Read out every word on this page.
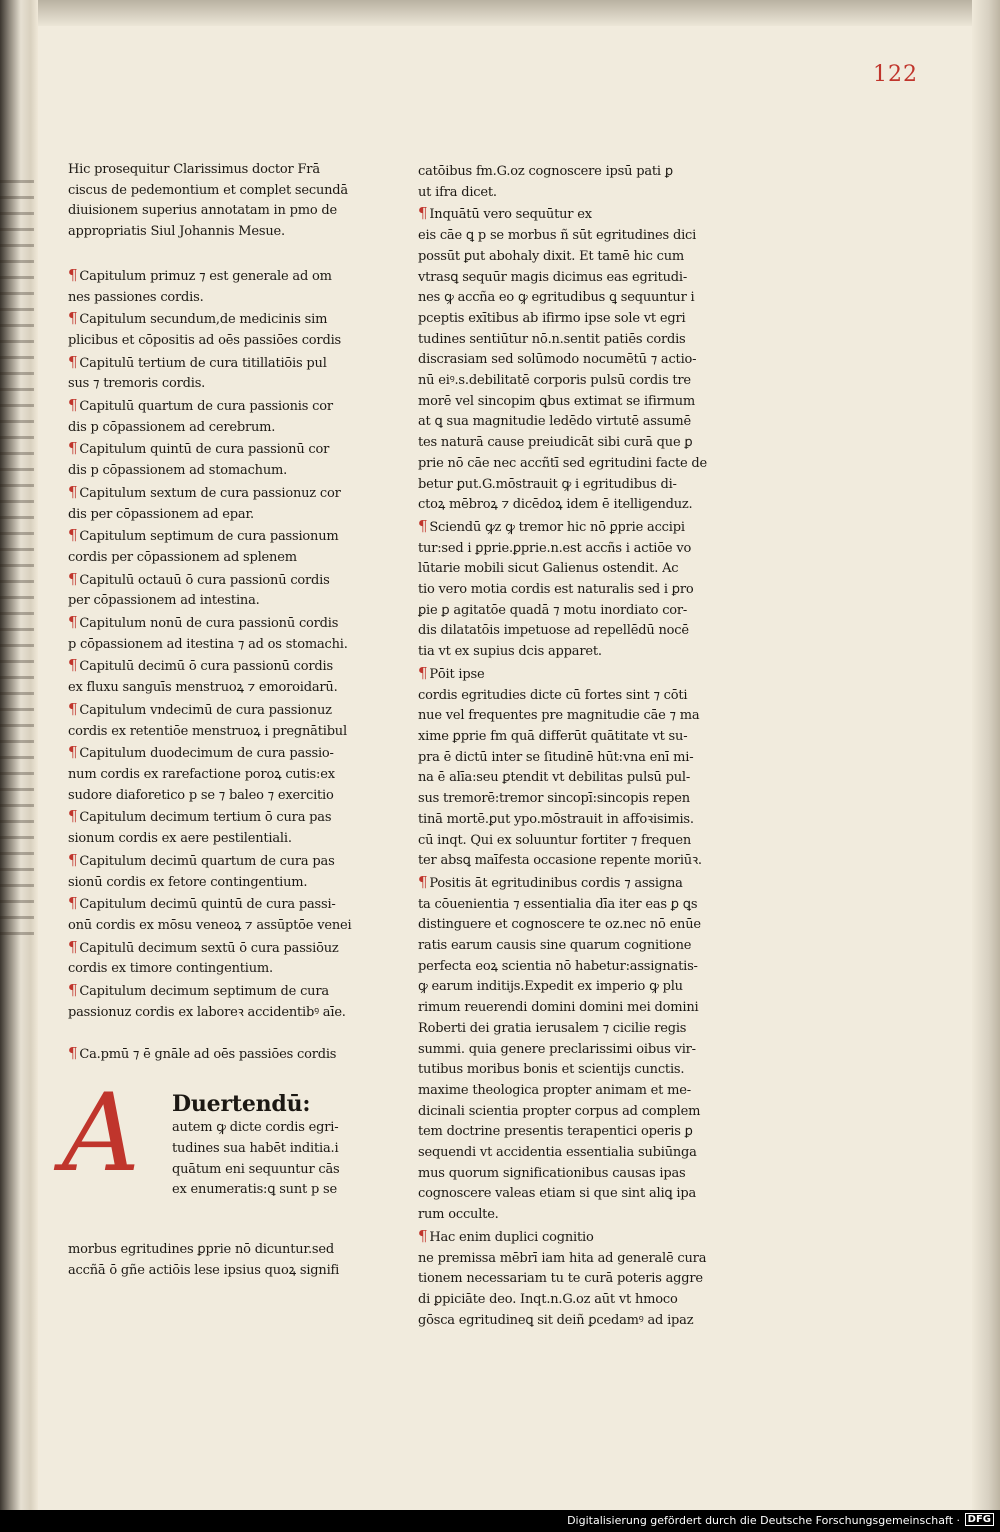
122
Hic prosequitur Clarissimus doctor Frā
ciscus de pedemontium et complet secundā
diuisionem superius annotatam in pmo de
appropriatis Siul Johannis Mesue.
¶ Capitulum primuz ⁊ est generale ad om
nes passiones cordis.
¶ Capitulum secundum,de medicinis sim
plicibus et cōpositis ad oēs passiōes cordis
¶ Capitulū tertium de cura titillatiōis pul
sus ⁊ tremoris cordis.
¶ Capitulū quartum de cura passionis cor
dis p cōpassionem ad cerebrum.
¶ Capitulum quintū de cura passionū cor
dis p cōpassionem ad stomachum.
¶ Capitulum sextum de cura passionuz cor
dis per cōpassionem ad epar.
¶ Capitulum septimum de cura passionum
cordis per cōpassionem ad splenem
¶ Capitulū octauū ō cura passionū cordis
per cōpassionem ad intestina.
¶ Capitulum nonū de cura passionū cordis
p cōpassionem ad itestina ⁊ ad os stomachi.
¶ Capitulū decimū ō cura passionū cordis
ex fluxu sanguīs menstruoꝝ ⁊ emoroidarū.
¶ Capitulum vndecimū de cura passionuz
cordis ex retentiōe menstruoꝝ i pregnātibul
¶ Capitulum duodecimum de cura passio-
num cordis ex rarefactione poroꝝ cutis:ex
sudore diaforetico p se ⁊ baleo ⁊ exercitio
¶ Capitulum decimum tertium ō cura pas
sionum cordis ex aere pestilentiali.
¶ Capitulum decimū quartum de cura pas
sionū cordis ex fetore contingentium.
¶ Capitulum decimū quintū de cura passi-
onū cordis ex mōsu veneoꝝ ⁊ assūptōe venei
¶ Capitulū decimum sextū ō cura passiōuz
cordis ex timore contingentium.
¶ Capitulum decimum septimum de cura
passionuz cordis ex laboreꝛ accidentibꝰ aīe.
¶ Ca.pmū ⁊ ē gnāle ad oēs passiōes cordis
A Duertendū:
autem ꝙ dicte cordis egri-
tudines sua habēt inditia.i
quātum eni sequuntur cās
ex enumeratis:ꝗ sunt p se
morbus egritudines ꝑprie nō dicuntur.sed
accñā ō gñe actiōis lese ipsius quoꝝ signifi
catōibus fm.G.oz cognoscere ipsū pati ꝑ
ut ifra dicet.
¶ Inquātū vero sequūtur ex
eis cāe ꝗ p se morbus ñ sūt egritudines dici
possūt ꝑut abohaly dixit. Et tamē hic cum
vtrasꝗ sequūr magis dicimus eas egritudi-
nes ꝙ accña eo ꝙ egritudibus ꝗ sequuntur i
pceptis exītibus ab ifirmo ipse sole vt egri
tudines sentiūtur nō.n.sentit patiēs cordis
discrasiam sed solūmodo nocumētū ⁊ actio-
nū eiꝰ.s.debilitatē corporis pulsū cordis tre
morē vel sincopim ꝗbus extimat se ifirmum
at ꝗ sua magnitudie ledēdo virtutē assumē
tes naturā cause preiudicāt sibi curā que ꝑ
prie nō cāe nec accñtī sed egritudini facte de
betur ꝑut.G.mōstrauit ꝙ i egritudibus di-
ctoꝝ mēbroꝝ ⁊ dicēdoꝝ idem ē itelligenduz.
¶ Sciendū ꝙz ꝙ tremor hic nō ꝑprie accipi
tur:sed i ꝑprie.ꝑprie.n.est accñs i actiōe vo
lūtarie mobili sicut Galienus ostendit. Ac
tio vero motia cordis est naturalis sed i ꝑro
ꝑie ꝑ agitatōe quadā ⁊ motu inordiato cor-
dis dilatatōis impetuose ad repellēdū nocē
tia vt ex supius dcis apparet.
¶ Pōit ipse
cordis egritudies dicte cū fortes sint ⁊ cōti
nue vel frequentes pre magnitudie cāe ⁊ ma
xime ꝑprie fm quā differūt quātitate vt su-
pra ē dictū inter se ſitudinē hūt:vna enī mi-
na ē alīa:seu ꝑtendit vt debilitas pulsū pul-
sus tremorē:tremor sincopī:sincopis repen
tinā mortē.ꝑut ypo.mōstrauit in affoꝛisimis.
cū inqt. Qui ex soluuntur fortiter ⁊ frequen
ter absꝗ maīfesta occasione repente moriūꝛ.
¶ Positis āt egritudinibus cordis ⁊ assigna
ta cōuenientia ⁊ essentialia dīa iter eas ꝑ ꝗs
distinguere et cognoscere te oz.nec nō enūe
ratis earum causis sine quarum cognitione
perfecta eoꝝ scientia nō habetur:assignatis-
ꝙ earum inditijs.Expedit ex imperio ꝙ plu
rimum reuerendi domini domini mei domini
Roberti dei gratia ierusalem ⁊ cicilie regis
summi. quia genere preclarissimi oibus vir-
tutibus moribus bonis et scientijs cunctis.
maxime theologica propter animam et me-
dicinali scientia propter corpus ad complem
tem doctrine presentis terapentici operis ꝑ
sequendi vt accidentia essentialia subiūnga
mus quorum significationibus causas ipas
cognoscere valeas etiam si que sint aliꝗ ipa
rum occulte.
¶ Hac enim duplici cognitio
ne premissa mēbrī iam hita ad generalē cura
tionem necessariam tu te curā poteris aggre
di ꝑpiciāte deo. Inqt.n.G.oz aūt vt hmoco
gōsca egritudineꝗ sit deiñ ꝑcedamꝰ ad ipaz
Digitalisierung gefördert durch die Deutsche Forschungsgemeinschaft · DFG
